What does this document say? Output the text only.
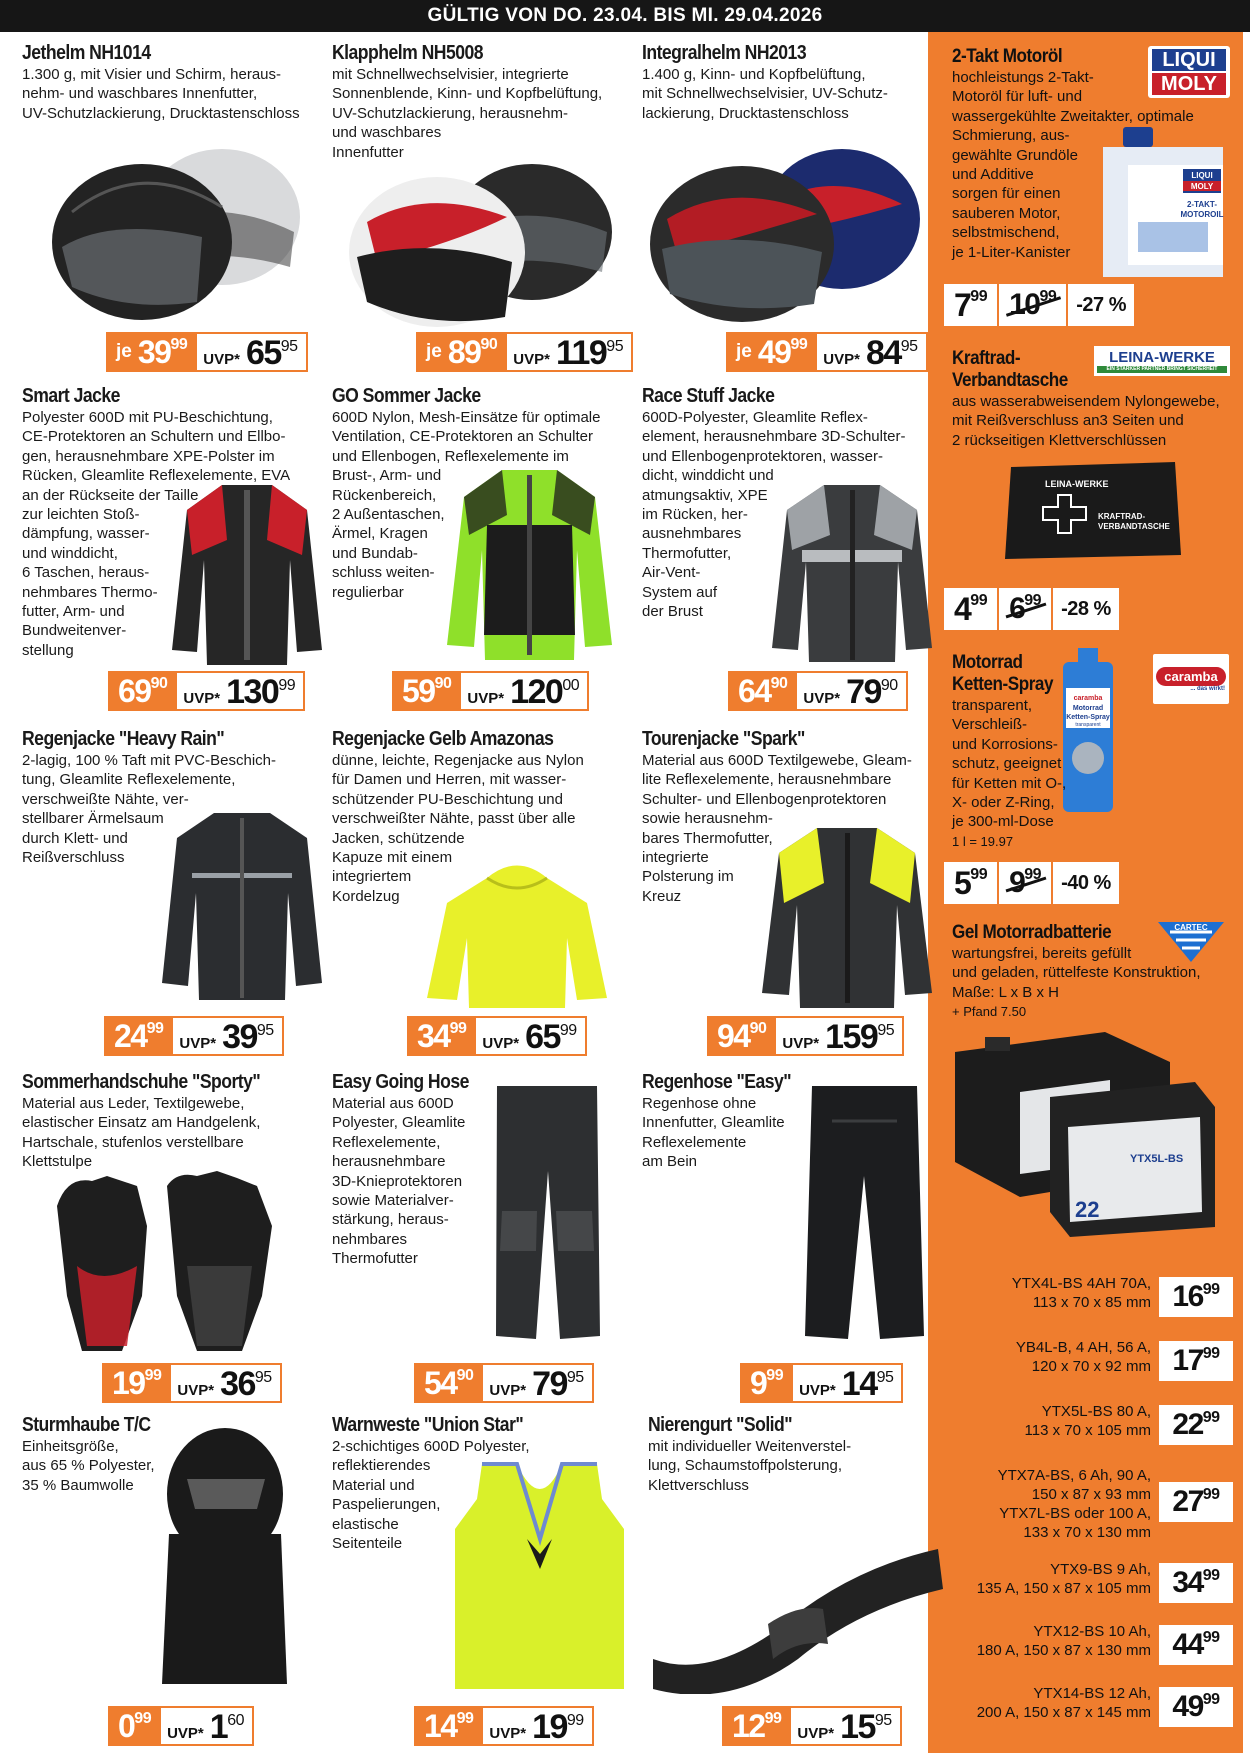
GÜLTIG VON DO. 23.04. BIS MI. 29.04.2026
Jethelm NH1014
1.300 g, mit Visier und Schirm, heraus-
nehm- und waschbares Innenfutter,
UV-Schutzlackierung, Drucktastenschloss
je 39 99
UVP* 65 95
Klapphelm NH5008
mit Schnellwechselvisier, integrierte
Sonnenblende, Kinn- und Kopfbelüftung,
UV-Schutzlackierung, herausnehm-
und waschbares
Innenfutter
je 89 90
UVP* 119 95
Integralhelm NH2013
1.400 g, Kinn- und Kopfbelüftung,
mit Schnellwechselvisier, UV-Schutz-
lackierung, Drucktastenschloss
je 49 99
UVP* 84 95
Smart Jacke
Polyester 600D mit PU-Beschichtung,
CE-Protektoren an Schultern und Ellbo-
gen, herausnehmbare XPE-Polster im
Rücken, Gleamlite Reflexelemente, EVA
an der Rückseite der Taille
zur leichten Stoß-
dämpfung, wasser-
und winddicht,
6 Taschen, heraus-
nehmbares Thermo-
futter, Arm- und
Bundweitenver-
stellung
69 90
UVP* 130 99
GO Sommer Jacke
600D Nylon, Mesh-Einsätze für optimale
Ventilation, CE-Protektoren an Schulter
und Ellenbogen, Reflexelemente im
Brust-, Arm- und
Rückenbereich,
2 Außentaschen,
Ärmel, Kragen
und Bundab-
schluss weiten-
regulierbar
59 90
UVP* 120 00
Race Stuff Jacke
600D-Polyester, Gleamlite Reflex-
element, herausnehmbare 3D-Schulter-
und Ellenbogenprotektoren, wasser-
dicht, winddicht und
atmungsaktiv, XPE
im Rücken, her-
ausnehmbares
Thermofutter,
Air-Vent-
System auf
der Brust
64 90
UVP* 79 90
Regenjacke "Heavy Rain"
2-lagig, 100 % Taft mit PVC-Beschich-
tung, Gleamlite Reflexelemente,
verschweißte Nähte, ver-
stellbarer Ärmelsaum
durch Klett- und
Reißverschluss
24 99
UVP* 39 95
Regenjacke Gelb Amazonas
dünne, leichte, Regenjacke aus Nylon
für Damen und Herren, mit wasser-
schützender PU-Beschichtung und
verschweißter Nähte, passt über alle
Jacken, schützende
Kapuze mit einem
integriertem
Kordelzug
34 99
UVP* 65 99
Tourenjacke "Spark"
Material aus 600D Textilgewebe, Gleam-
lite Reflexelemente, herausnehmbare
Schulter- und Ellenbogenprotektoren
sowie herausnehm-
bares Thermofutter,
integrierte
Polsterung im
Kreuz
94 90
UVP* 159 95
Sommerhandschuhe "Sporty"
Material aus Leder, Textilgewebe,
elastischer Einsatz am Handgelenk,
Hartschale, stufenlos verstellbare
Klettstulpe
19 99
UVP* 36 95
Easy Going Hose
Material aus 600D
Polyester, Gleamlite
Reflexelemente,
herausnehmbare
3D-Knieprotektoren
sowie Materialver-
stärkung, heraus-
nehmbares
Thermofutter
54 90
UVP* 79 95
Regenhose "Easy"
Regenhose ohne
Innenfutter, Gleamlite
Reflexelemente
am Bein
9 99
UVP* 14 95
Sturmhaube T/C
Einheitsgröße,
aus 65 % Polyester,
35 % Baumwolle
0 99
UVP* 1 60
Warnweste "Union Star"
2-schichtiges 600D Polyester,
reflektierendes
Material und
Paspelierungen,
elastische
Seitenteile
14 99
UVP* 19 99
Nierengurt "Solid"
mit individueller Weitenverstel-
lung, Schaumstoffpolsterung,
Klettverschluss
12 99
UVP* 15 95
2-Takt Motoröl
hochleistungs 2-Takt-
Motoröl für luft- und
wassergekühlte Zweitakter, optimale
Schmierung, aus-
gewählte Grundöle
und Additive
sorgen für einen
sauberen Motor,
selbstmischend,
je 1-Liter-Kanister
LIQUI
MOLY
LIQUI
MOLY
2-TAKT-
MOTOROIL
7 99 10 99	-27 %
Kraftrad-
Verbandtasche
aus wasserabweisendem Nylongewebe,
mit Reißverschluss an3 Seiten und
2 rückseitigen Klettverschlüssen
LEINA-WERKE
EIN STARKER PARTNER BRINGT SICHERHEIT
LEINA-WERKE
KRAFTRAD-
VERBANDTASCHE
4 99 6 99	-28 %
Motorrad
Ketten-Spray
transparent,
Verschleiß-
und Korrosions-
schutz, geeignet
für Ketten mit O-,
X- oder Z-Ring,
je 300-ml-Dose
1 l = 19.97
caramba
... das wirkt!
caramba
Motorrad
Ketten-Spray
transparent
5 99 9 99	-40 %
Gel Motorradbatterie
wartungsfrei, bereits gefüllt
und geladen, rüttelfeste Konstruktion,
Maße: L x B x H
+ Pfand 7.50
CARTEC
22
YTX5L-BS
YTX4L-BS 4AH 70A,
113 x 70 x 85 mm 16 99
YB4L-B, 4 AH, 56 A,
120 x 70 x 92 mm 17 99
YTX5L-BS 80 A,
113 x 70 x 105 mm 22 99
YTX7A-BS, 6 Ah, 90 A,
150 x 87 x 93 mm
YTX7L-BS oder 100 A,
133 x 70 x 130 mm
27 99
YTX9-BS 9 Ah,
135 A, 150 x 87 x 105 mm 34 99
YTX12-BS 10 Ah,
180 A, 150 x 87 x 130 mm 44 99
YTX14-BS 12 Ah,
200 A, 150 x 87 x 145 mm 49 99
